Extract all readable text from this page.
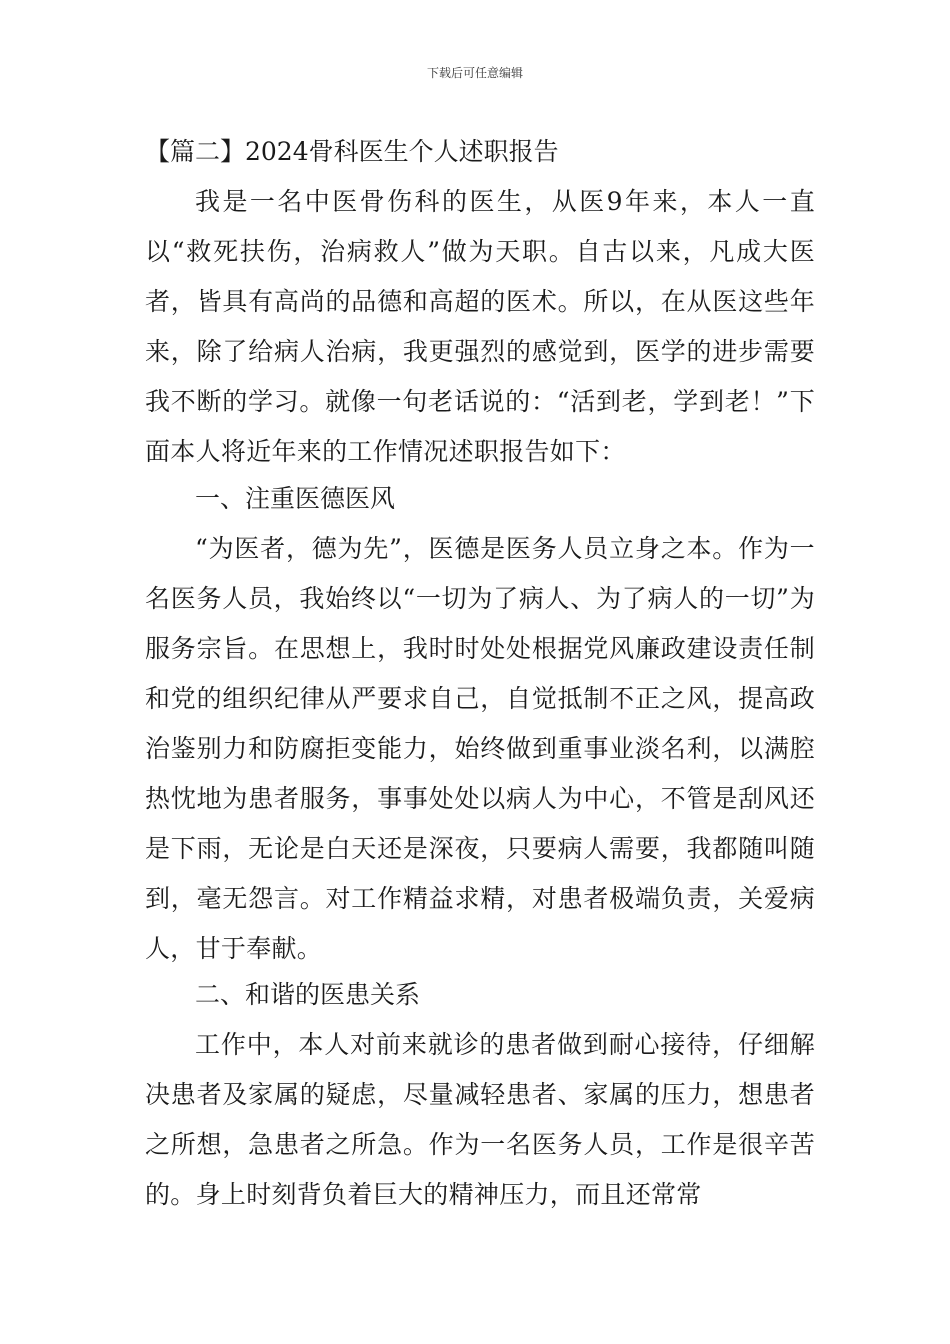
下载后可任意编辑
【篇二】2024骨科医生个人述职报告

我是一名中医骨伤科的医生，从医9年来，本人一直以“救死扶伤，治病救人”做为天职。自古以来，凡成大医者，皆具有高尚的品德和高超的医术。所以，在从医这些年来，除了给病人治病，我更强烈的感觉到，医学的进步需要我不断的学习。就像一句老话说的：“活到老，学到老！”下面本人将近年来的工作情况述职报告如下：

一、注重医德医风

“为医者，德为先”，医德是医务人员立身之本。作为一名医务人员，我始终以“一切为了病人、为了病人的一切”为服务宗旨。在思想上，我时时处处根据党风廉政建设责任制和党的组织纪律从严要求自己，自觉抵制不正之风，提高政治鉴别力和防腐拒变能力，始终做到重事业淡名利，以满腔热忱地为患者服务，事事处处以病人为中心，不管是刮风还是下雨，无论是白天还是深夜，只要病人需要，我都随叫随到，毫无怨言。对工作精益求精，对患者极端负责，关爱病人，甘于奉献。

二、和谐的医患关系

工作中，本人对前来就诊的患者做到耐心接待，仔细解决患者及家属的疑虑，尽量减轻患者、家属的压力，想患者之所想，急患者之所急。作为一名医务人员，工作是很辛苦的。身上时刻背负着巨大的精神压力，而且还常常
